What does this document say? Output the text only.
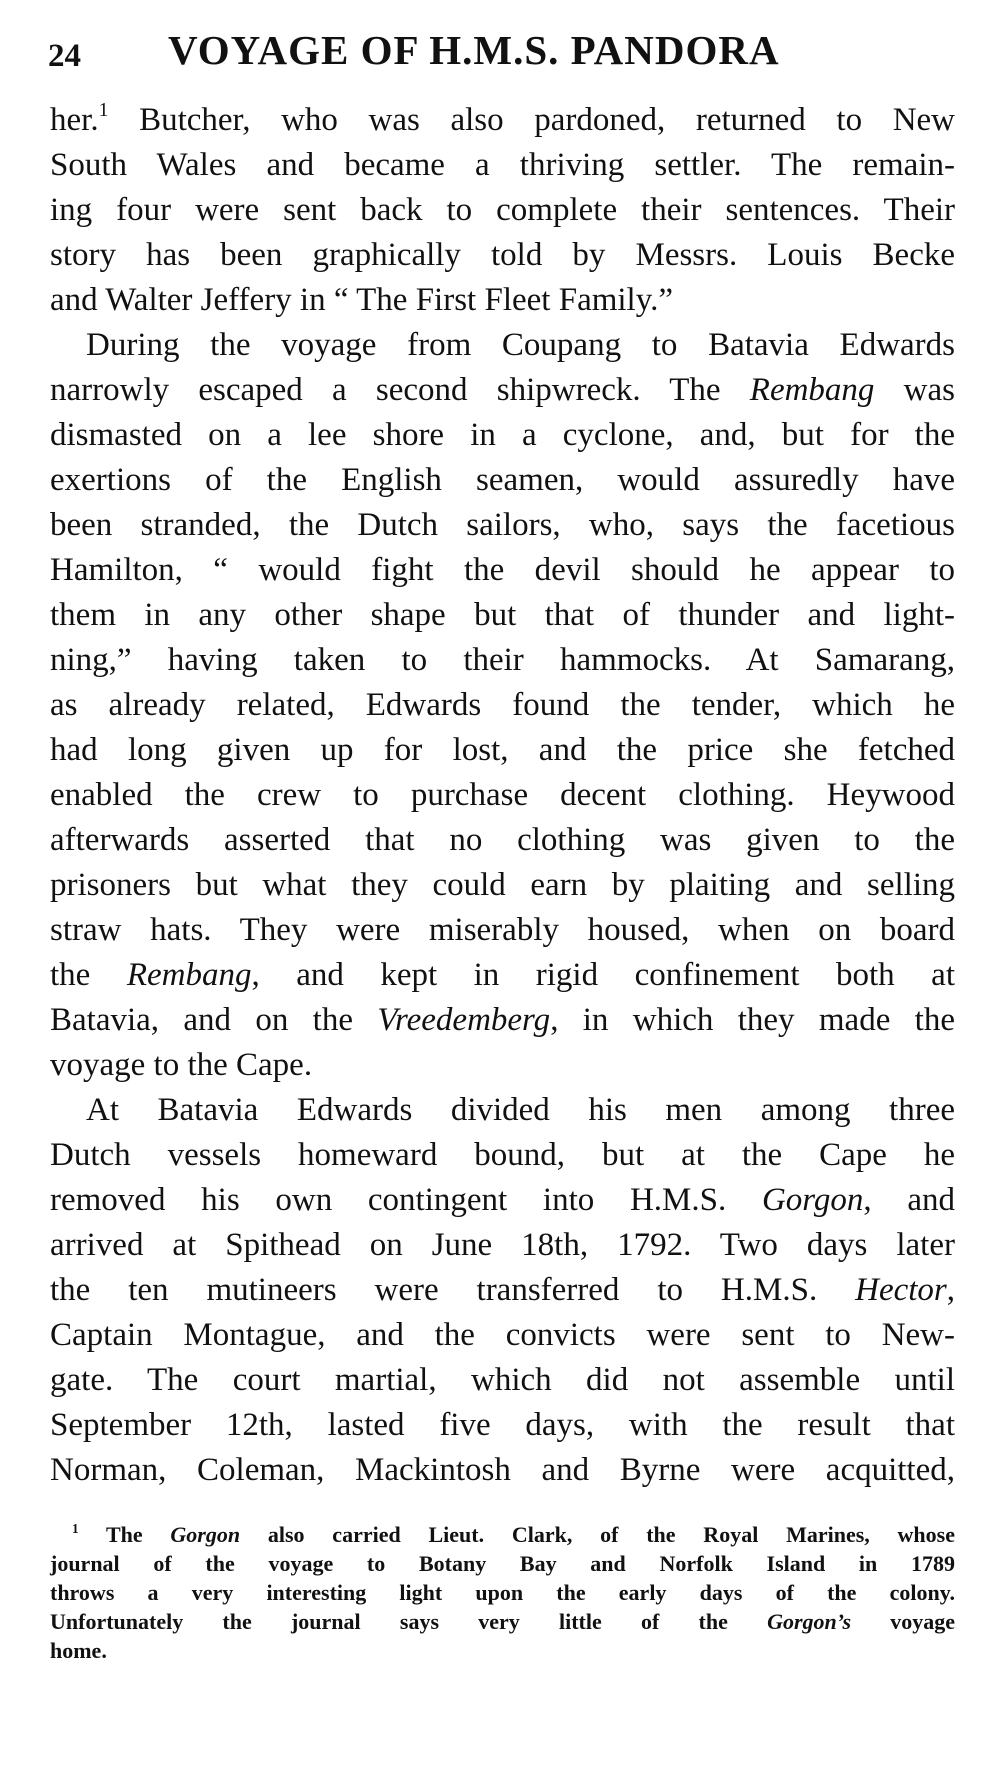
24 VOYAGE OF H.M.S. PANDORA
her.$^1$ Butcher, who was also pardoned, returned to New
South Wales and became a thriving settler. The remain-
ing four were sent back to complete their sentences. Their
story has been graphically told by Messrs. Louis Becke
and Walter Jeffery in “ The First Fleet Family.”
During the voyage from Coupang to Batavia Edwards
narrowly escaped a second shipwreck. The Rembang was
dismasted on a lee shore in a cyclone, and, but for the
exertions of the English seamen, would assuredly have
been stranded, the Dutch sailors, who, says the facetious
Hamilton, “ would fight the devil should he appear to
them in any other shape but that of thunder and light-
ning,” having taken to their hammocks. At Samarang,
as already related, Edwards found the tender, which he
had long given up for lost, and the price she fetched
enabled the crew to purchase decent clothing. Heywood
afterwards asserted that no clothing was given to the
prisoners but what they could earn by plaiting and selling
straw hats. They were miserably housed, when on board
the Rembang, and kept in rigid confinement both at
Batavia, and on the Vreedemberg, in which they made the
voyage to the Cape.
At Batavia Edwards divided his men among three
Dutch vessels homeward bound, but at the Cape he
removed his own contingent into H.M.S. Gorgon, and
arrived at Spithead on June 18th, 1792. Two days later
the ten mutineers were transferred to H.M.S. Hector,
Captain Montague, and the convicts were sent to New-
gate. The court martial, which did not assemble until
September 12th, lasted five days, with the result that
Norman, Coleman, Mackintosh and Byrne were acquitted,
$^1$ The Gorgon also carried Lieut. Clark, of the Royal Marines, whose
journal of the voyage to Botany Bay and Norfolk Island in 1789
throws a very interesting light upon the early days of the colony.
Unfortunately the journal says very little of the Gorgon’s voyage
home.
